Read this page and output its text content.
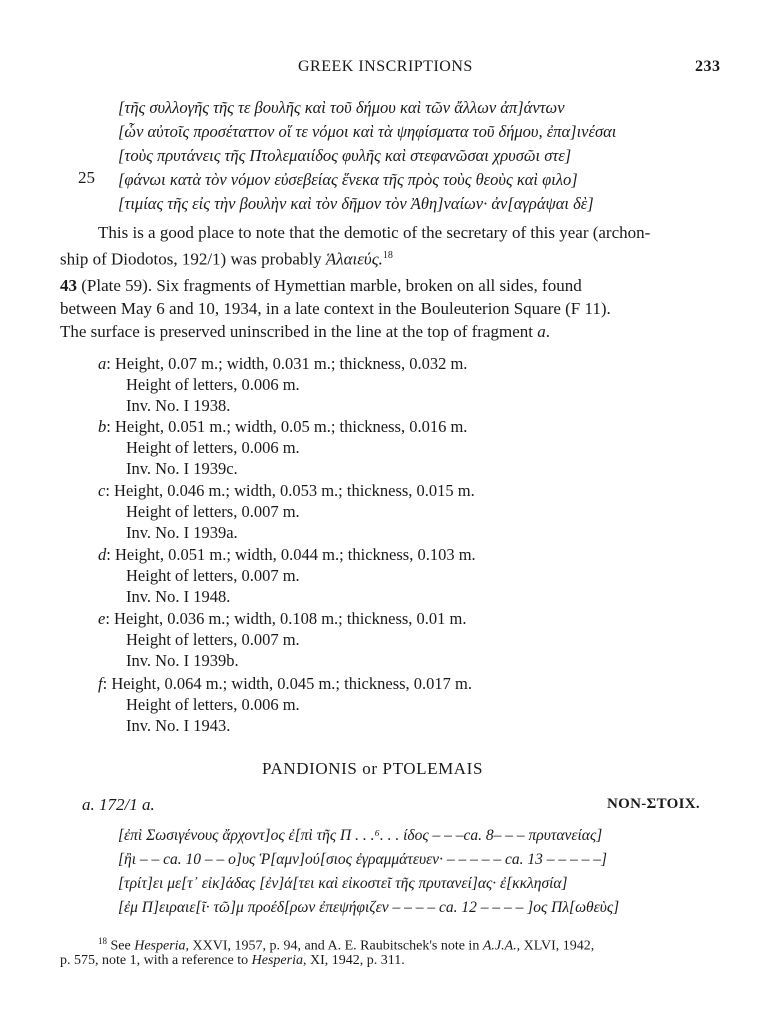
GREEK INSCRIPTIONS	233
[τῆς συλλογῆς τῆς τε βουλῆς καὶ τοῦ δήμου καὶ τῶν ἄλλων ἀπ]άντων
[ὧν αὐτοῖς προσέταττον οἵ τε νόμοι καὶ τὰ ψηφίσματα τοῦ δήμου, ἐπα]ινέσαι
[τοὺς πρυτάνεις τῆς Πτολεμαιίδος φυλῆς καὶ στεφανῶσαι χρυσῶι στε]
25 [φάνωι κατὰ τὸν νόμον εὐσεβείας ἕνεκα τῆς πρὸς τοὺς θεοὺς καὶ φιλο]
[τιμίας τῆς εἰς τὴν βουλὴν καὶ τὸν δῆμον τὸν Ἀθη]ναίων· ἀν[αγράψαι δὲ]
This is a good place to note that the demotic of the secretary of this year (archon-
ship of Diodotos, 192/1) was probably Ἁλαιεύς.$^{18}$
43 (Plate 59). Six fragments of Hymettian marble, broken on all sides, found
between May 6 and 10, 1934, in a late context in the Bouleuterion Square (F 11).
The surface is preserved uninscribed in the line at the top of fragment a.
a: Height, 0.07 m.; width, 0.031 m.; thickness, 0.032 m.
Height of letters, 0.006 m.
Inv. No. I 1938.
b: Height, 0.051 m.; width, 0.05 m.; thickness, 0.016 m.
Height of letters, 0.006 m.
Inv. No. I 1939c.
c: Height, 0.046 m.; width, 0.053 m.; thickness, 0.015 m.
Height of letters, 0.007 m.
Inv. No. I 1939a.
d: Height, 0.051 m.; width, 0.044 m.; thickness, 0.103 m.
Height of letters, 0.007 m.
Inv. No. I 1948.
e: Height, 0.036 m.; width, 0.108 m.; thickness, 0.01 m.
Height of letters, 0.007 m.
Inv. No. I 1939b.
f: Height, 0.064 m.; width, 0.045 m.; thickness, 0.017 m.
Height of letters, 0.006 m.
Inv. No. I 1943.
PANDIONIS or PTOLEMAIS
a. 172/1 a.	NON-ΣΤΟΙΧ.
[ἐπὶ Σωσιγένους ἄρχοντ]ος ἐ[πὶ τῆς Π . . .⁶. . . ίδος – – –ca. 8– – – πρυτανείας]
[ἢι – – ca. 10 – – ο]υς Ῥ[αμν]ού[σιος ἐγραμμάτευεν· – – – – – ca. 13 – – – – –]
[τρίτ]ει με[τ᾽ εἰκ]άδας [ἐν]ά[τει καὶ εἰκοστεῖ τῆς πρυτανεί]ας· ἐ[κκλησία]
[ἐμ Π]ειραιε[ῖ· τῶ]μ προέδ[ρων ἐπεψήφιζεν – – – – ca. 12 – – – – ]ος Πλ[ωθεὺς]
$^{18}$ See Hesperia, XXVI, 1957, p. 94, and A. E. Raubitschek's note in A.J.A., XLVI, 1942,
p. 575, note 1, with a reference to Hesperia, XI, 1942, p. 311.
